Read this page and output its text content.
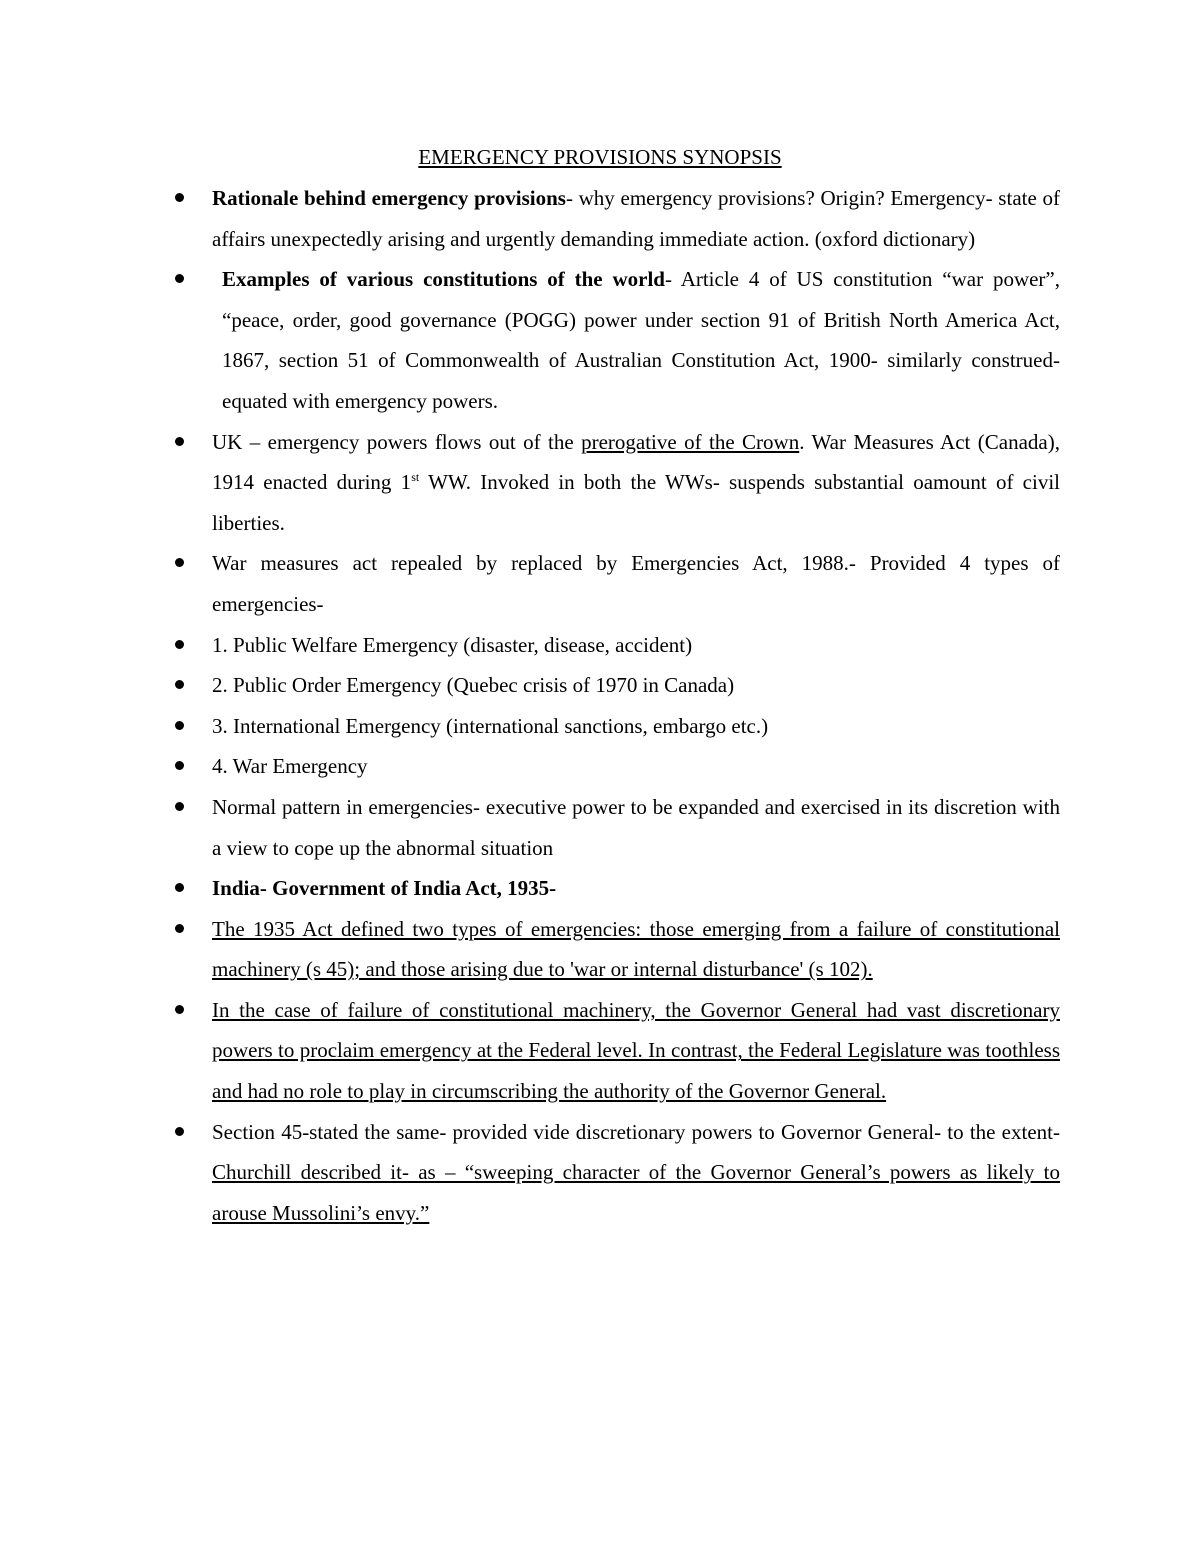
EMERGENCY PROVISIONS SYNOPSIS
Rationale behind emergency provisions- why emergency provisions? Origin? Emergency- state of affairs unexpectedly arising and urgently demanding immediate action. (oxford dictionary)
Examples of various constitutions of the world- Article 4 of US constitution “war power”, “peace, order, good governance (POGG) power under section 91 of British North America Act, 1867, section 51 of Commonwealth of Australian Constitution Act, 1900- similarly construed- equated with emergency powers.
UK – emergency powers flows out of the prerogative of the Crown. War Measures Act (Canada), 1914 enacted during 1st WW. Invoked in both the WWs- suspends substantial oamount of civil liberties.
War measures act repealed by replaced by Emergencies Act, 1988.- Provided 4 types of emergencies-
1. Public Welfare Emergency (disaster, disease, accident)
2. Public Order Emergency (Quebec crisis of 1970 in Canada)
3. International Emergency (international sanctions, embargo etc.)
4. War Emergency
Normal pattern in emergencies- executive power to be expanded and exercised in its discretion with a view to cope up the abnormal situation
India- Government of India Act, 1935-
The 1935 Act defined two types of emergencies: those emerging from a failure of constitutional machinery (s 45); and those arising due to 'war or internal disturbance' (s 102).
In the case of failure of constitutional machinery, the Governor General had vast discretionary powers to proclaim emergency at the Federal level. In contrast, the Federal Legislature was toothless and had no role to play in circumscribing the authority of the Governor General.
Section 45-stated the same- provided vide discretionary powers to Governor General- to the extent- Churchill described it- as – “sweeping character of the Governor General’s powers as likely to arouse Mussolini’s envy.”
